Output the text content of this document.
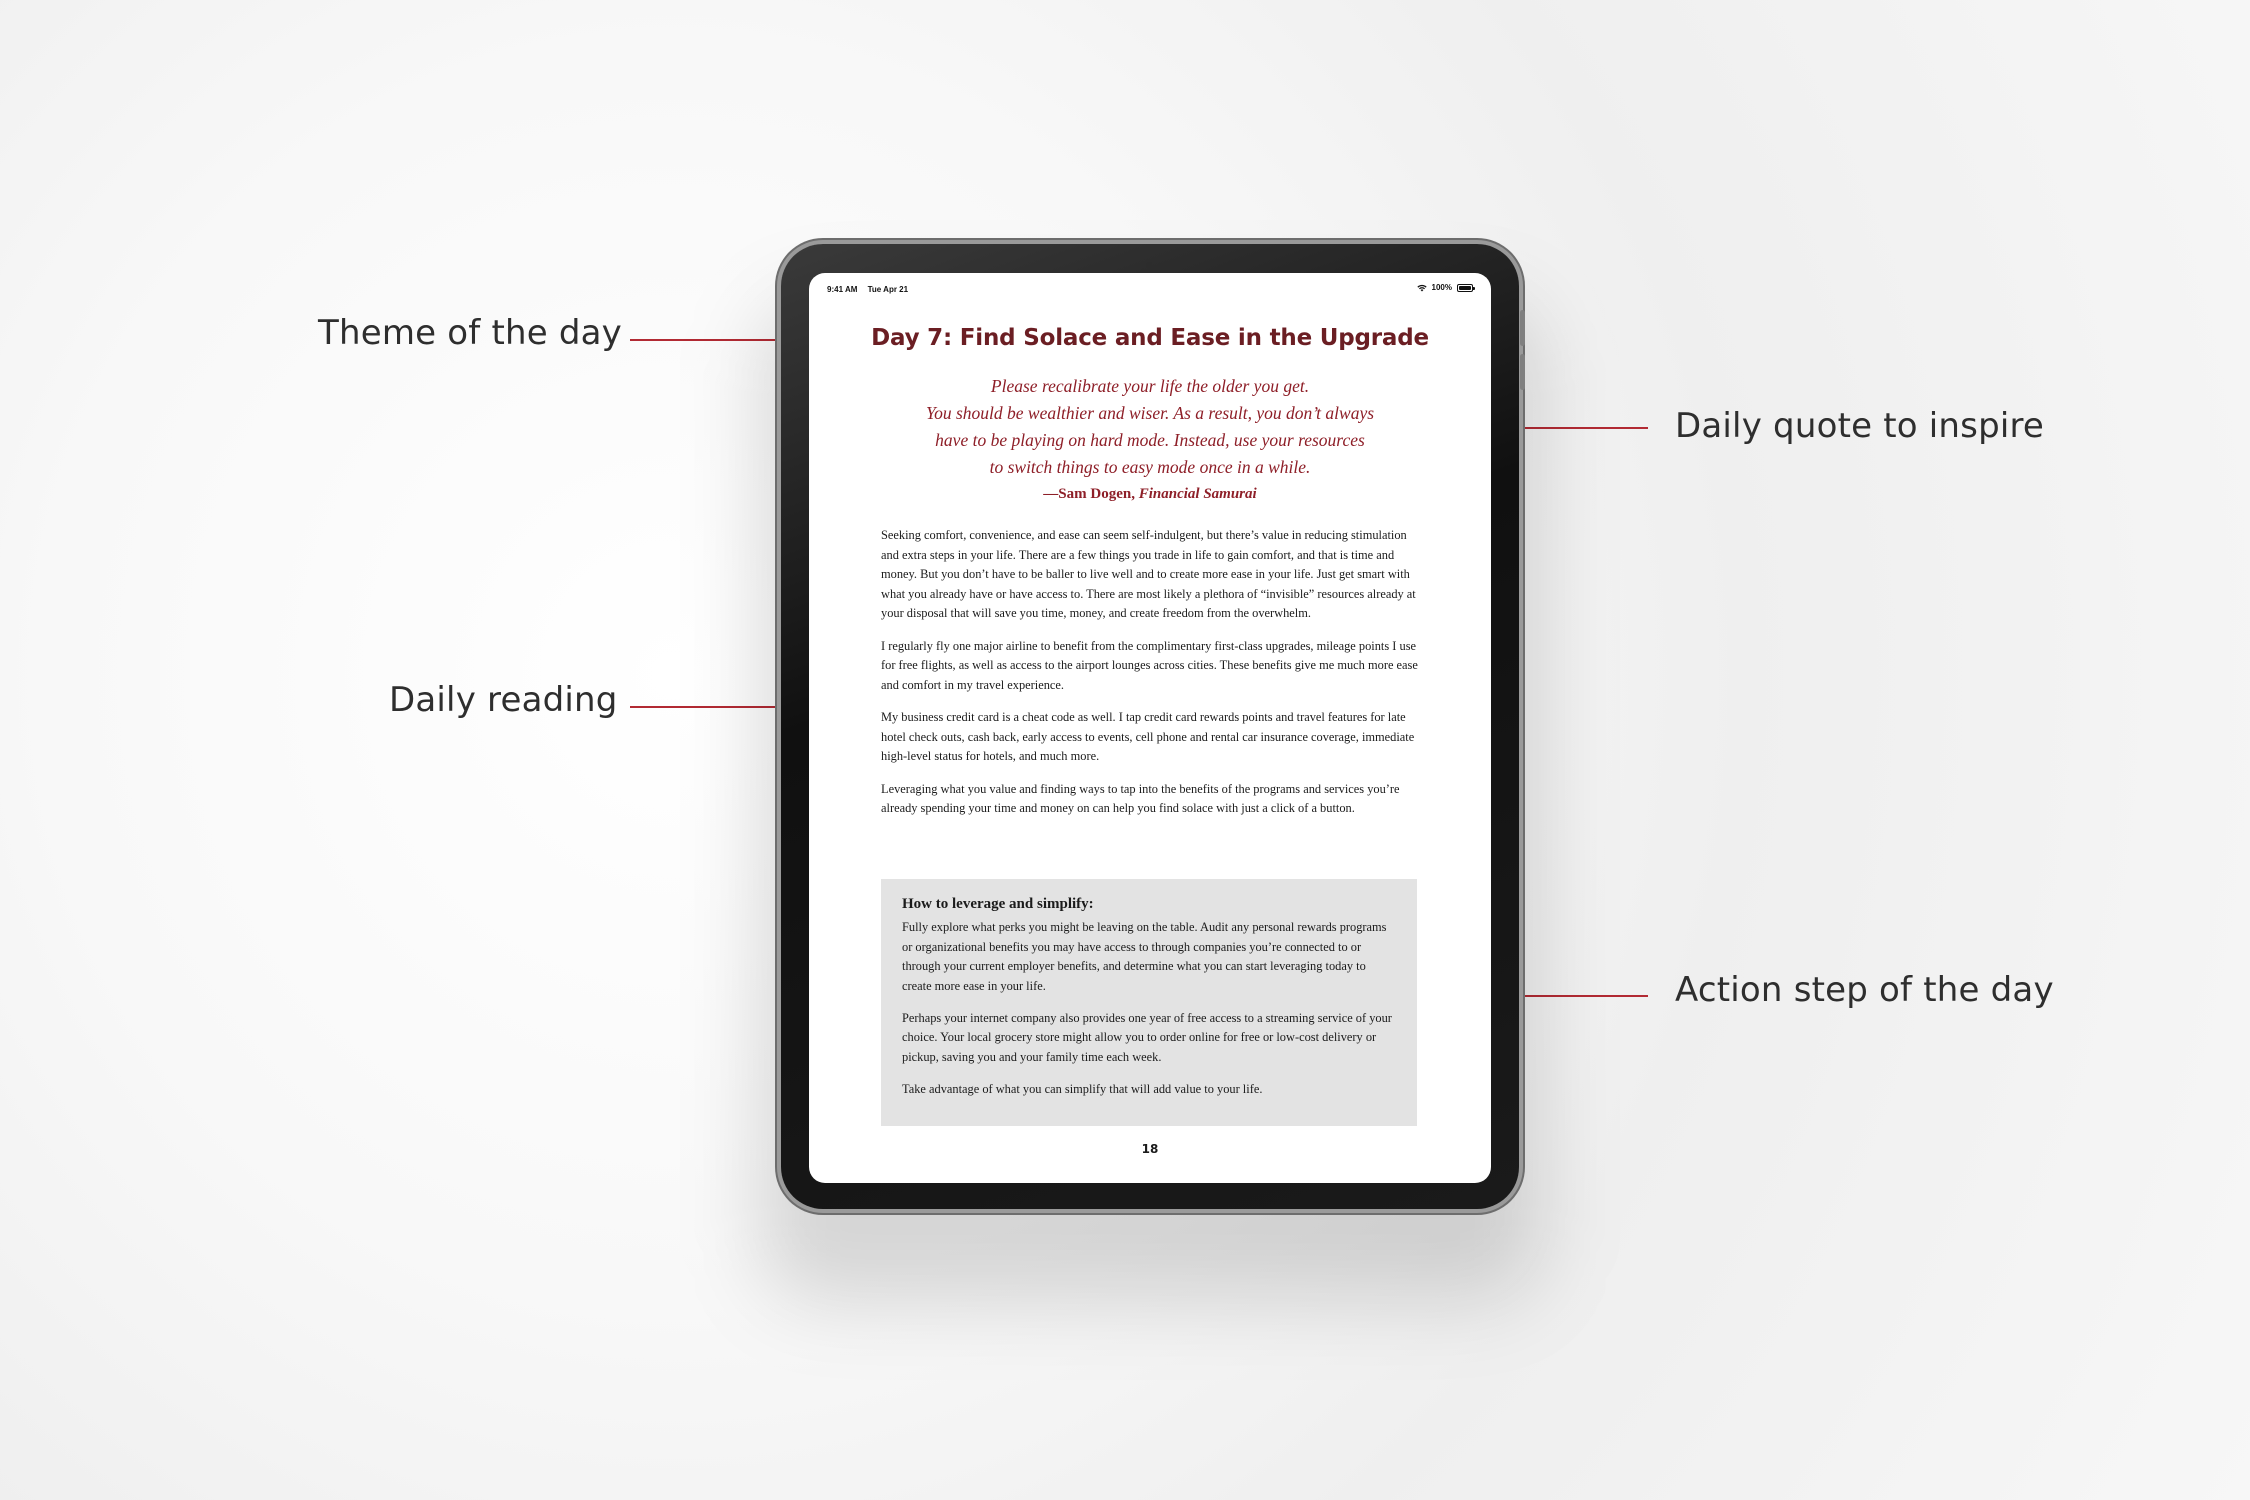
Theme of the day
Daily reading
Daily quote to inspire
Action step of the day
9:41 AM Tue Apr 21	100%
Day 7: Find Solace and Ease in the Upgrade
Please recalibrate your life the older you get.
You should be wealthier and wiser. As a result, you don’t always
have to be playing on hard mode. Instead, use your resources
to switch things to easy mode once in a while.
—Sam Dogen, Financial Samurai

Seeking comfort, convenience, and ease can seem self-indulgent, but there’s value in reducing stimulation and extra steps in your life. There are a few things you trade in life to gain comfort, and that is time and money. But you don’t have to be baller to live well and to create more ease in your life. Just get smart with what you already have or have access to. There are most likely a plethora of “invisible” resources already at your disposal that will save you time, money, and create freedom from the overwhelm.

I regularly fly one major airline to benefit from the complimentary first-class upgrades, mileage points I use for free flights, as well as access to the airport lounges across cities. These benefits give me much more ease and comfort in my travel experience.

My business credit card is a cheat code as well. I tap credit card rewards points and travel features for late hotel check outs, cash back, early access to events, cell phone and rental car insurance coverage, immediate high-level status for hotels, and much more.

Leveraging what you value and finding ways to tap into the benefits of the programs and services you’re already spending your time and money on can help you find solace with just a click of a button.

How to leverage and simplify:

Fully explore what perks you might be leaving on the table. Audit any personal rewards programs or organizational benefits you may have access to through companies you’re connected to or through your current employer benefits, and determine what you can start leveraging today to create more ease in your life.

Perhaps your internet company also provides one year of free access to a streaming service of your choice. Your local grocery store might allow you to order online for free or low-cost delivery or pickup, saving you and your family time each week.

Take advantage of what you can simplify that will add value to your life.

18
